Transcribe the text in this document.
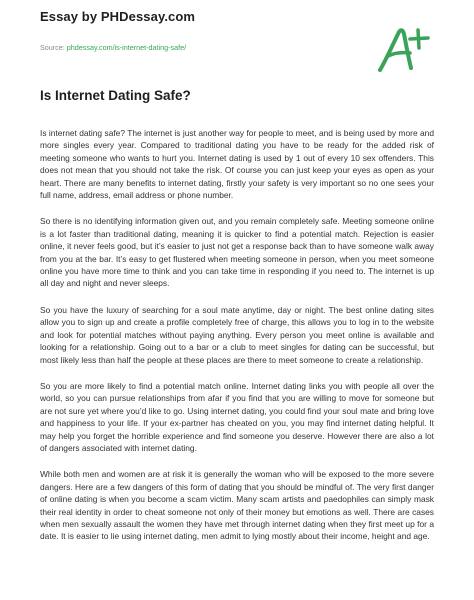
Essay by PHDessay.com
Source: phdessay.com/is-internet-dating-safe/
Is Internet Dating Safe?

Is internet dating safe? The internet is just another way for people to meet, and is being used by more and more singles every year. Compared to traditional dating you have to be ready for the added risk of meeting someone who wants to hurt you. Internet dating is used by 1 out of every 10 sex offenders. This does not mean that you should not take the risk. Of course you can just keep your eyes as open as your heart. There are many benefits to internet dating, firstly your safety is very important so no one sees your full name, address, email address or phone number.

So there is no identifying information given out, and you remain completely safe. Meeting someone online is a lot faster than traditional dating, meaning it is quicker to find a potential match. Rejection is easier online, it never feels good, but it’s easier to just not get a response back than to have someone walk away from you at the bar. It’s easy to get flustered when meeting someone in person, when you meet someone online you have more time to think and you can take time in responding if you need to. The internet is up all day and night and never sleeps.

So you have the luxury of searching for a soul mate anytime, day or night. The best online dating sites allow you to sign up and create a profile completely free of charge, this allows you to log in to the website and look for potential matches without paying anything. Every person you meet online is available and looking for a relationship. Going out to a bar or a club to meet singles for dating can be successful, but most likely less than half the people at these places are there to meet someone to create a relationship.

So you are more likely to find a potential match online. Internet dating links you with people all over the world, so you can pursue relationships from afar if you find that you are willing to move for someone but are not sure yet where you’d like to go. Using internet dating, you could find your soul mate and bring love and happiness to your life. If your ex-partner has cheated on you, you may find internet dating helpful. It may help you forget the horrible experience and find someone you deserve. However there are also a lot of dangers associated with internet dating.

While both men and women are at risk it is generally the woman who will be exposed to the more severe dangers. Here are a few dangers of this form of dating that you should be mindful of. The very first danger of online dating is when you become a scam victim. Many scam artists and paedophiles can simply mask their real identity in order to cheat someone not only of their money but emotions as well. There are cases when men sexually assault the women they have met through internet dating when they first meet up for a date. It is easier to lie using internet dating, men admit to lying mostly about their income, height and age.
